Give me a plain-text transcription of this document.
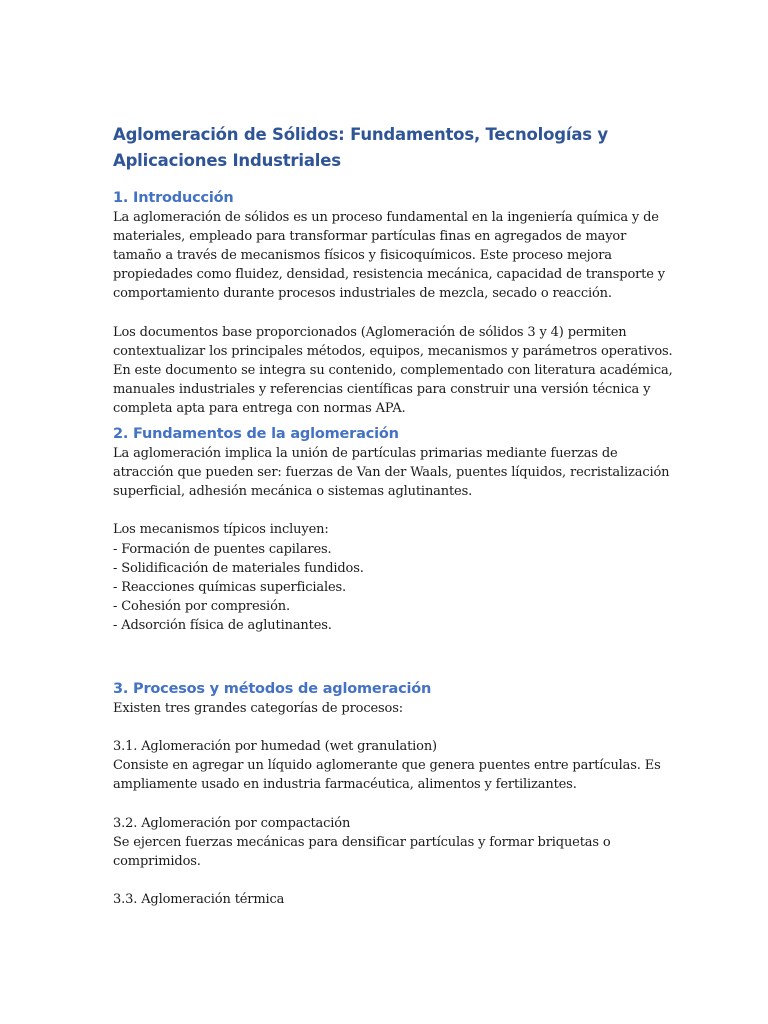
Aglomeración de Sólidos: Fundamentos, Tecnologías y Aplicaciones Industriales
1. Introducción

La aglomeración de sólidos es un proceso fundamental en la ingeniería química y de materiales, empleado para transformar partículas finas en agregados de mayor tamaño a través de mecanismos físicos y fisicoquímicos. Este proceso mejora propiedades como fluidez, densidad, resistencia mecánica, capacidad de transporte y comportamiento durante procesos industriales de mezcla, secado o reacción.

Los documentos base proporcionados (Aglomeración de sólidos 3 y 4) permiten contextualizar los principales métodos, equipos, mecanismos y parámetros operativos. En este documento se integra su contenido, complementado con literatura académica, manuales industriales y referencias científicas para construir una versión técnica y completa apta para entrega con normas APA.

2. Fundamentos de la aglomeración

La aglomeración implica la unión de partículas primarias mediante fuerzas de atracción que pueden ser: fuerzas de Van der Waals, puentes líquidos, recristalización superficial, adhesión mecánica o sistemas aglutinantes.

Los mecanismos típicos incluyen:

- Formación de puentes capilares.
- Solidificación de materiales fundidos.
- Reacciones químicas superficiales.
- Cohesión por compresión.
- Adsorción física de aglutinantes.
3. Procesos y métodos de aglomeración

Existen tres grandes categorías de procesos:

3.1. Aglomeración por humedad (wet granulation)

Consiste en agregar un líquido aglomerante que genera puentes entre partículas. Es ampliamente usado en industria farmacéutica, alimentos y fertilizantes.

3.2. Aglomeración por compactación

Se ejercen fuerzas mecánicas para densificar partículas y formar briquetas o comprimidos.

3.3. Aglomeración térmica
